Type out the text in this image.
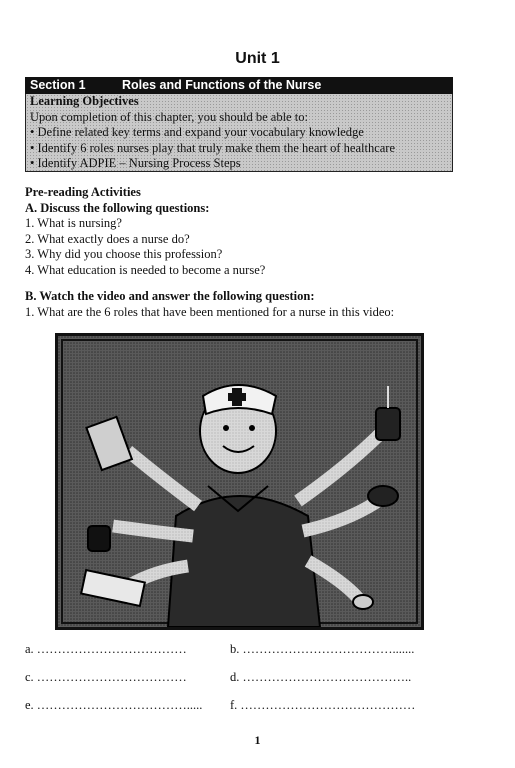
Unit 1
Section 1	Roles and Functions of the Nurse
Learning Objectives
Upon completion of this chapter, you should be able to:
• Define related key terms and expand your vocabulary knowledge
• Identify 6 roles nurses play that truly make them the heart of healthcare
• Identify ADPIE – Nursing Process Steps
Pre-reading Activities
A. Discuss the following questions:
1. What is nursing?
2. What exactly does a nurse do?
3. Why did you choose this profession?
4. What education is needed to become a nurse?
B. Watch the video and answer the following question:
1. What are the 6 roles that have been mentioned for a nurse in this video:
a. ………………………………	b. ……………………………….......
c. ………………………………	d. …………………………………..
e. ………………………………..... f. ……………………………………
1
